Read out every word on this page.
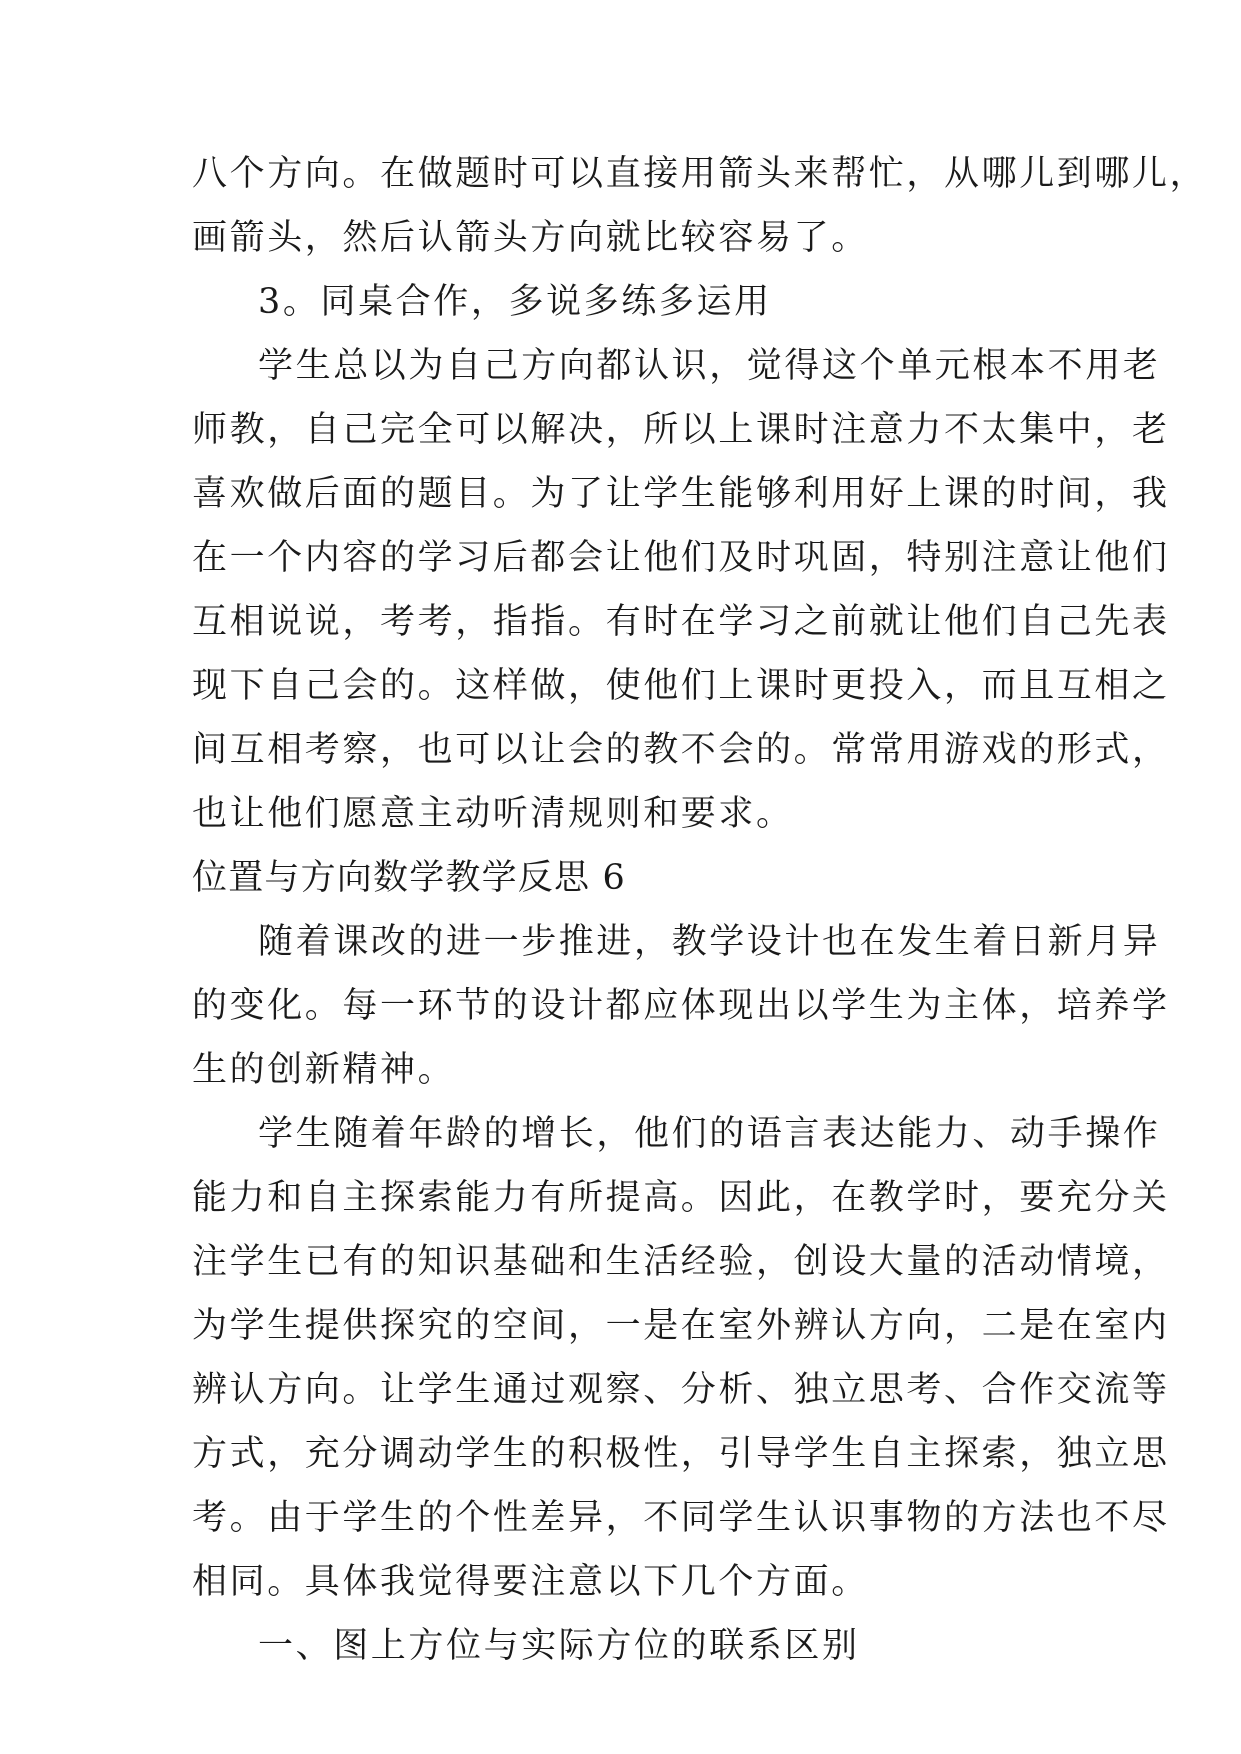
八个方向。在做题时可以直接用箭头来帮忙，从哪儿到哪儿，
画箭头，然后认箭头方向就比较容易了。
3。同桌合作，多说多练多运用
学生总以为自己方向都认识，觉得这个单元根本不用老
师教，自己完全可以解决，所以上课时注意力不太集中，老
喜欢做后面的题目。为了让学生能够利用好上课的时间，我
在一个内容的学习后都会让他们及时巩固，特别注意让他们
互相说说，考考，指指。有时在学习之前就让他们自己先表
现下自己会的。这样做，使他们上课时更投入，而且互相之
间互相考察，也可以让会的教不会的。常常用游戏的形式，
也让他们愿意主动听清规则和要求。
位置与方向数学教学反思 6
随着课改的进一步推进，教学设计也在发生着日新月异
的变化。每一环节的设计都应体现出以学生为主体，培养学
生的创新精神。
学生随着年龄的增长，他们的语言表达能力、动手操作
能力和自主探索能力有所提高。因此，在教学时，要充分关
注学生已有的知识基础和生活经验，创设大量的活动情境，
为学生提供探究的空间，一是在室外辨认方向，二是在室内
辨认方向。让学生通过观察、分析、独立思考、合作交流等
方式，充分调动学生的积极性，引导学生自主探索，独立思
考。由于学生的个性差异，不同学生认识事物的方法也不尽
相同。具体我觉得要注意以下几个方面。
一、图上方位与实际方位的联系区别
